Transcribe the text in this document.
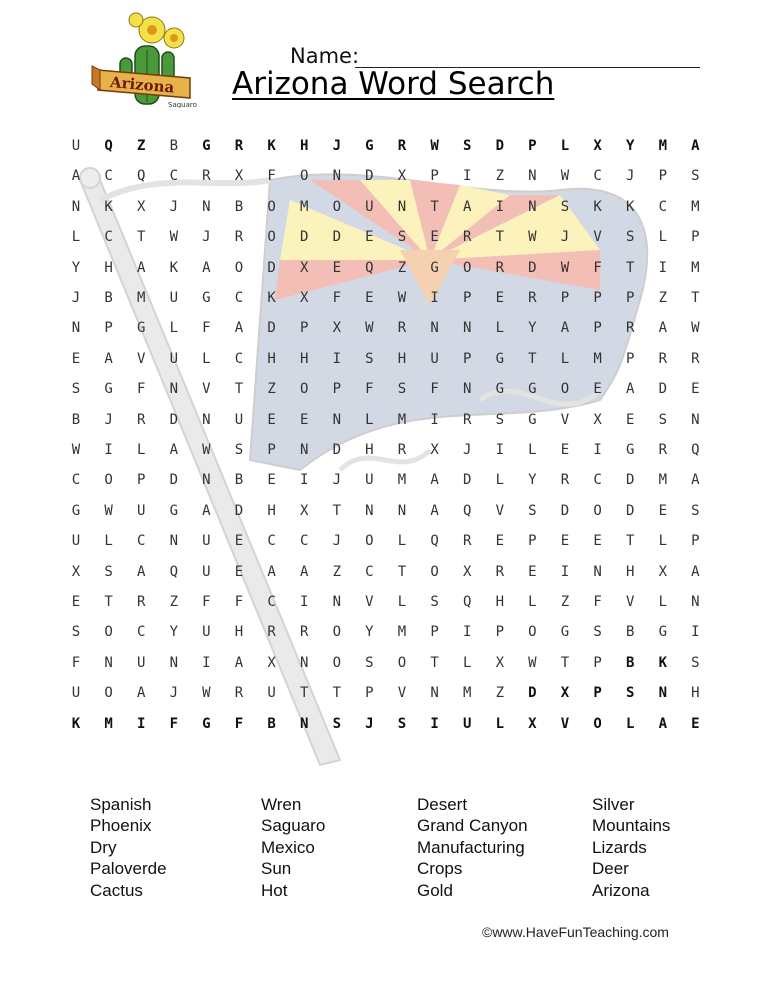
Arizona
Saguaro
Name:
Arizona Word Search
U	Q	Z	B	G	R	K	H	J	G	R	W	S	D	P	L	X	Y	M	A
A	C	Q	C	R	X	F	O	N	D	X	P	I	Z	N	W	C	J	P	S
N	K	X	J	N	B	O	M	O	U	N	T	A	I	N	S	K	K	C	M
L	C	T	W	J	R	O	D	D	E	S	E	R	T	W	J	V	S	L	P
Y	H	A	K	A	O	D	X	E	Q	Z	G	O	R	D	W	F	T	I	M
J	B	M	U	G	C	K	X	F	E	W	I	P	E	R	P	P	P	Z	T
N	P	G	L	F	A	D	P	X	W	R	N	N	L	Y	A	P	R	A	W
E	A	V	U	L	C	H	H	I	S	H	U	P	G	T	L	M	P	R	R
S	G	F	N	V	T	Z	O	P	F	S	F	N	G	G	O	E	A	D	E
B	J	R	D	N	U	E	E	N	L	M	I	R	S	G	V	X	E	S	N
W	I	L	A	W	S	P	N	D	H	R	X	J	I	L	E	I	G	R	Q
C	O	P	D	N	B	E	I	J	U	M	A	D	L	Y	R	C	D	M	A
G	W	U	G	A	D	H	X	T	N	N	A	Q	V	S	D	O	D	E	S
U	L	C	N	U	E	C	C	J	O	L	Q	R	E	P	E	E	T	L	P
X	S	A	Q	U	E	A	A	Z	C	T	O	X	R	E	I	N	H	X	A
E	T	R	Z	F	F	C	I	N	V	L	S	Q	H	L	Z	F	V	L	N
S	O	C	Y	U	H	R	R	O	Y	M	P	I	P	O	G	S	B	G	I
F	N	U	N	I	A	X	N	O	S	O	T	L	X	W	T	P	B	K	S
U	O	A	J	W	R	U	T	T	P	V	N	M	Z	D	X	P	S	N	H
K	M	I	F	G	F	B	N	S	J	S	I	U	L	X	V	O	L	A	E
Spanish
Phoenix
Dry
Paloverde
Cactus
Wren
Saguaro
Mexico
Sun
Hot
Desert
Grand Canyon
Manufacturing
Crops
Gold
Silver
Mountains
Lizards
Deer
Arizona
©www.HaveFunTeaching.com
